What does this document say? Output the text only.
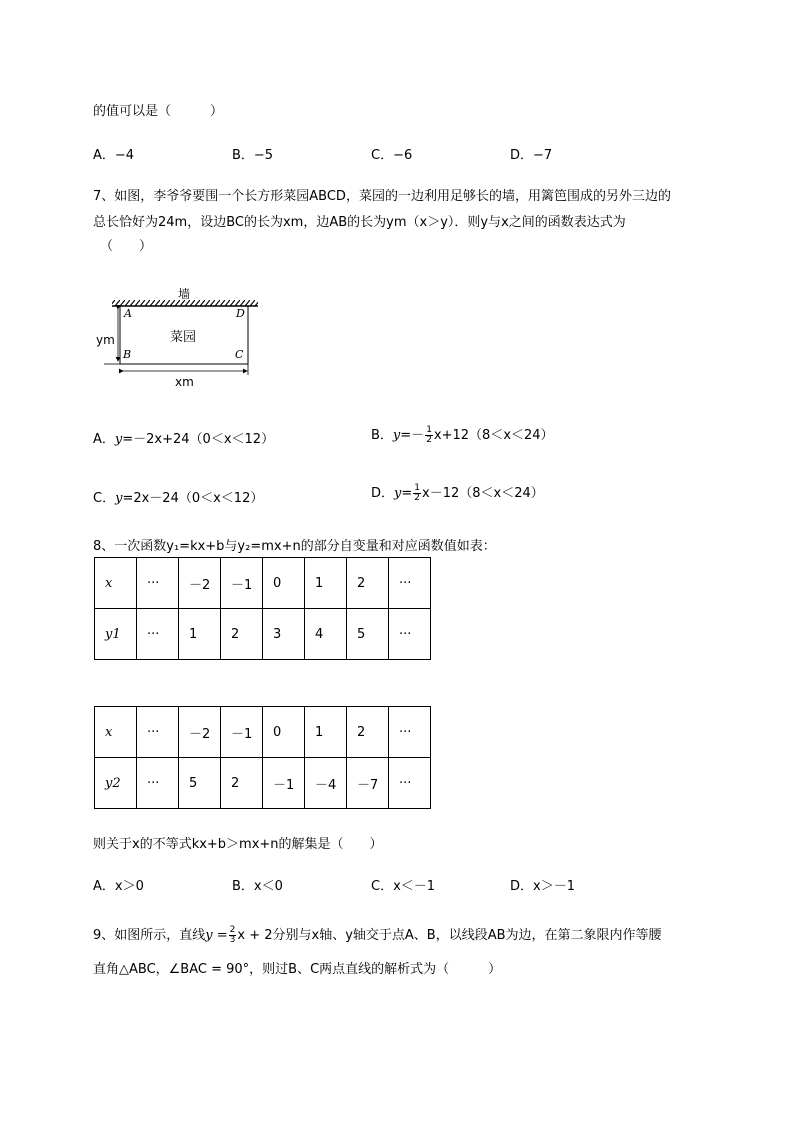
的值可以是（　　　）
A．−4	B．−5	C．−6	D．−7
7、如图，李爷爷要围一个长方形菜园ABCD，菜园的一边利用足够长的墙，用篱笆围成的另外三边的
总长恰好为24m，设边BC的长为xm，边AB的长为ym（x＞y）．则y与x之间的函数表达式为
（　　）
墙
菜园
A	D
B	C
ym
xm
A．y=－2x+24（0＜x＜12）	B．$y=- \frac{1}{2} x+12(8<x<24)$
C．y=2x－24（0＜x＜12）	D．$y= \frac{1}{2} x-12(8<x<24)$
8、一次函数y₁=kx+b与y₂=mx+n的部分自变量和对应函数值如表：
x	···	－2	－1	0	1	2	···
y1	···	1	2	3	4	5	···
x	···	－2	－1	0	1	2	···
y2	···	5	2	－1	－4	－7	···
则关于x的不等式kx+b＞mx+n的解集是（　　）
A．x＞0	B．x＜0	C．x＜－1	D．x＞－1
9、如图所示，直线$y = \frac{2}{3}$ x + 2分别与x轴、y轴交于点A、B，以线段AB为边，在第二象限内作等腰
直角△ABC，∠BAC = 90°，则过B、C两点直线的解析式为（　　　）
